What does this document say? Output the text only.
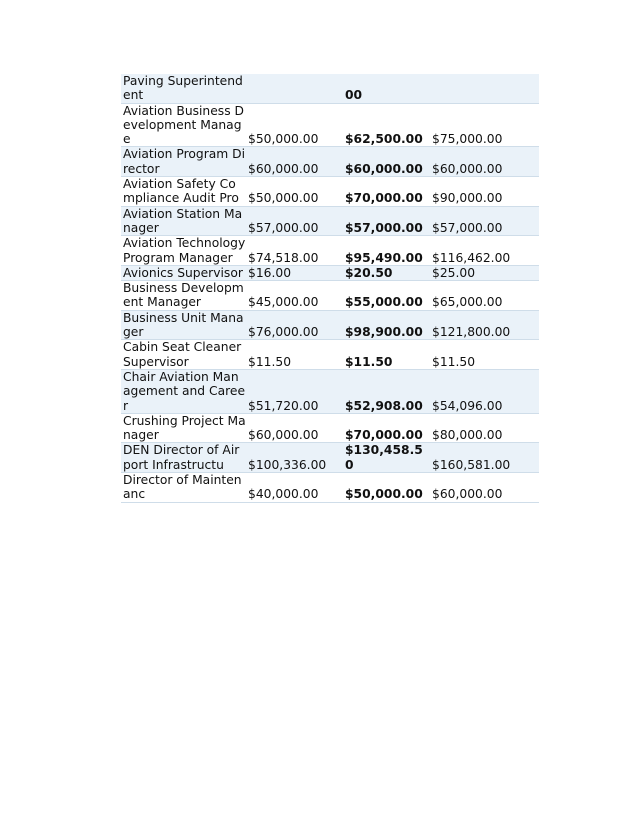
Paving Superintendent		00	
Aviation Business Development Manage	$50,000.00	$62,500.00	$75,000.00
Aviation Program Director	$60,000.00	$60,000.00	$60,000.00
Aviation Safety Compliance Audit Pro	$50,000.00	$70,000.00	$90,000.00
Aviation Station Manager	$57,000.00	$57,000.00	$57,000.00
Aviation Technology Program Manager	$74,518.00	$95,490.00	$116,462.00
Avionics Supervisor	$16.00	$20.50	$25.00
Business Development Manager	$45,000.00	$55,000.00	$65,000.00
Business Unit Manager	$76,000.00	$98,900.00	$121,800.00
Cabin Seat Cleaner Supervisor	$11.50	$11.50	$11.50
Chair Aviation Management and Career	$51,720.00	$52,908.00	$54,096.00
Crushing Project Manager	$60,000.00	$70,000.00	$80,000.00
DEN Director of Airport Infrastructu	$100,336.00	$130,458.50	$160,581.00
Director of Maintenanc	$40,000.00	$50,000.00	$60,000.00
